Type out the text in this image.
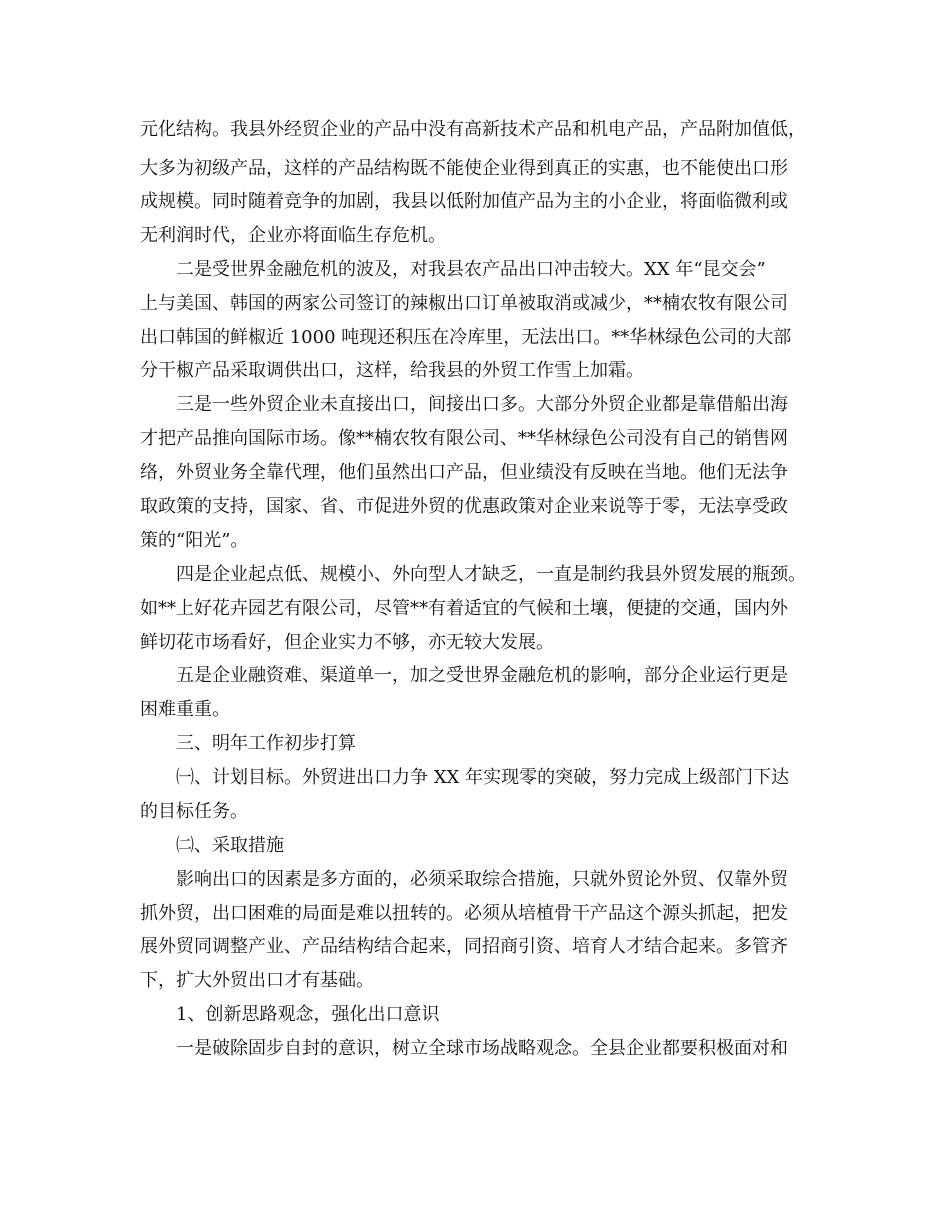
元化结构。我县外经贸企业的产品中没有高新技术产品和机电产品，产品附加值低，
大多为初级产品，这样的产品结构既不能使企业得到真正的实惠，也不能使出口形
成规模。同时随着竞争的加剧，我县以低附加值产品为主的小企业，将面临微利或
无利润时代，企业亦将面临生存危机。
二是受世界金融危机的波及，对我县农产品出口冲击较大。XX 年“昆交会”
上与美国、韩国的两家公司签订的辣椒出口订单被取消或减少，**楠农牧有限公司
出口韩国的鲜椒近 1000 吨现还积压在冷库里，无法出口。**华林绿色公司的大部
分干椒产品采取调供出口，这样，给我县的外贸工作雪上加霜。
三是一些外贸企业未直接出口，间接出口多。大部分外贸企业都是靠借船出海
才把产品推向国际市场。像**楠农牧有限公司、**华林绿色公司没有自己的销售网
络，外贸业务全靠代理，他们虽然出口产品，但业绩没有反映在当地。他们无法争
取政策的支持，国家、省、市促进外贸的优惠政策对企业来说等于零，无法享受政
策的“阳光”。
四是企业起点低、规模小、外向型人才缺乏，一直是制约我县外贸发展的瓶颈。
如**上好花卉园艺有限公司，尽管**有着适宜的气候和土壤，便捷的交通，国内外
鲜切花市场看好，但企业实力不够，亦无较大发展。
五是企业融资难、渠道单一，加之受世界金融危机的影响，部分企业运行更是
困难重重。
三、明年工作初步打算
㈠、计划目标。外贸进出口力争 XX 年实现零的突破，努力完成上级部门下达
的目标任务。
㈡、采取措施
影响出口的因素是多方面的，必须采取综合措施，只就外贸论外贸、仅靠外贸
抓外贸，出口困难的局面是难以扭转的。必须从培植骨干产品这个源头抓起，把发
展外贸同调整产业、产品结构结合起来，同招商引资、培育人才结合起来。多管齐
下，扩大外贸出口才有基础。
1、创新思路观念，强化出口意识
一是破除固步自封的意识，树立全球市场战略观念。全县企业都要积极面对和
